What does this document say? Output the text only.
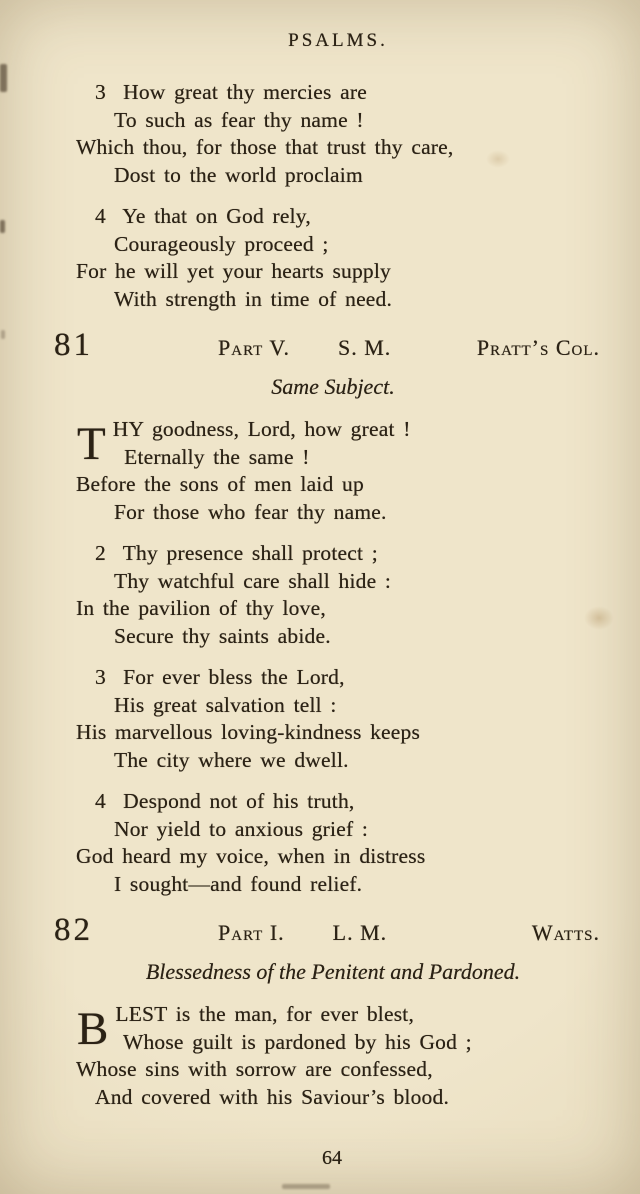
PSALMS.
3  How great thy mercies are
To such as fear thy name !
Which thou, for those that trust thy care,
Dost to the world proclaim
4  Ye that on God rely,
Courageously proceed ;
For he will yet your hearts supply
With strength in time of need.
81	Part V. S. M.	Pratt’s Col.
Same Subject.
T HY goodness, Lord, how great !
Eternally the same !
Before the sons of men laid up
For those who fear thy name.
2  Thy presence shall protect ;
Thy watchful care shall hide :
In the pavilion of thy love,
Secure thy saints abide.
3  For ever bless the Lord,
His great salvation tell :
His marvellous loving-kindness keeps
The city where we dwell.
4  Despond not of his truth,
Nor yield to anxious grief :
God heard my voice, when in distress
I sought—and found relief.
82	Part I. L. M.	Watts.
Blessedness of the Penitent and Pardoned.
B LEST is the man, for ever blest,
Whose guilt is pardoned by his God ;
Whose sins with sorrow are confessed,
And covered with his Saviour’s blood.
64
